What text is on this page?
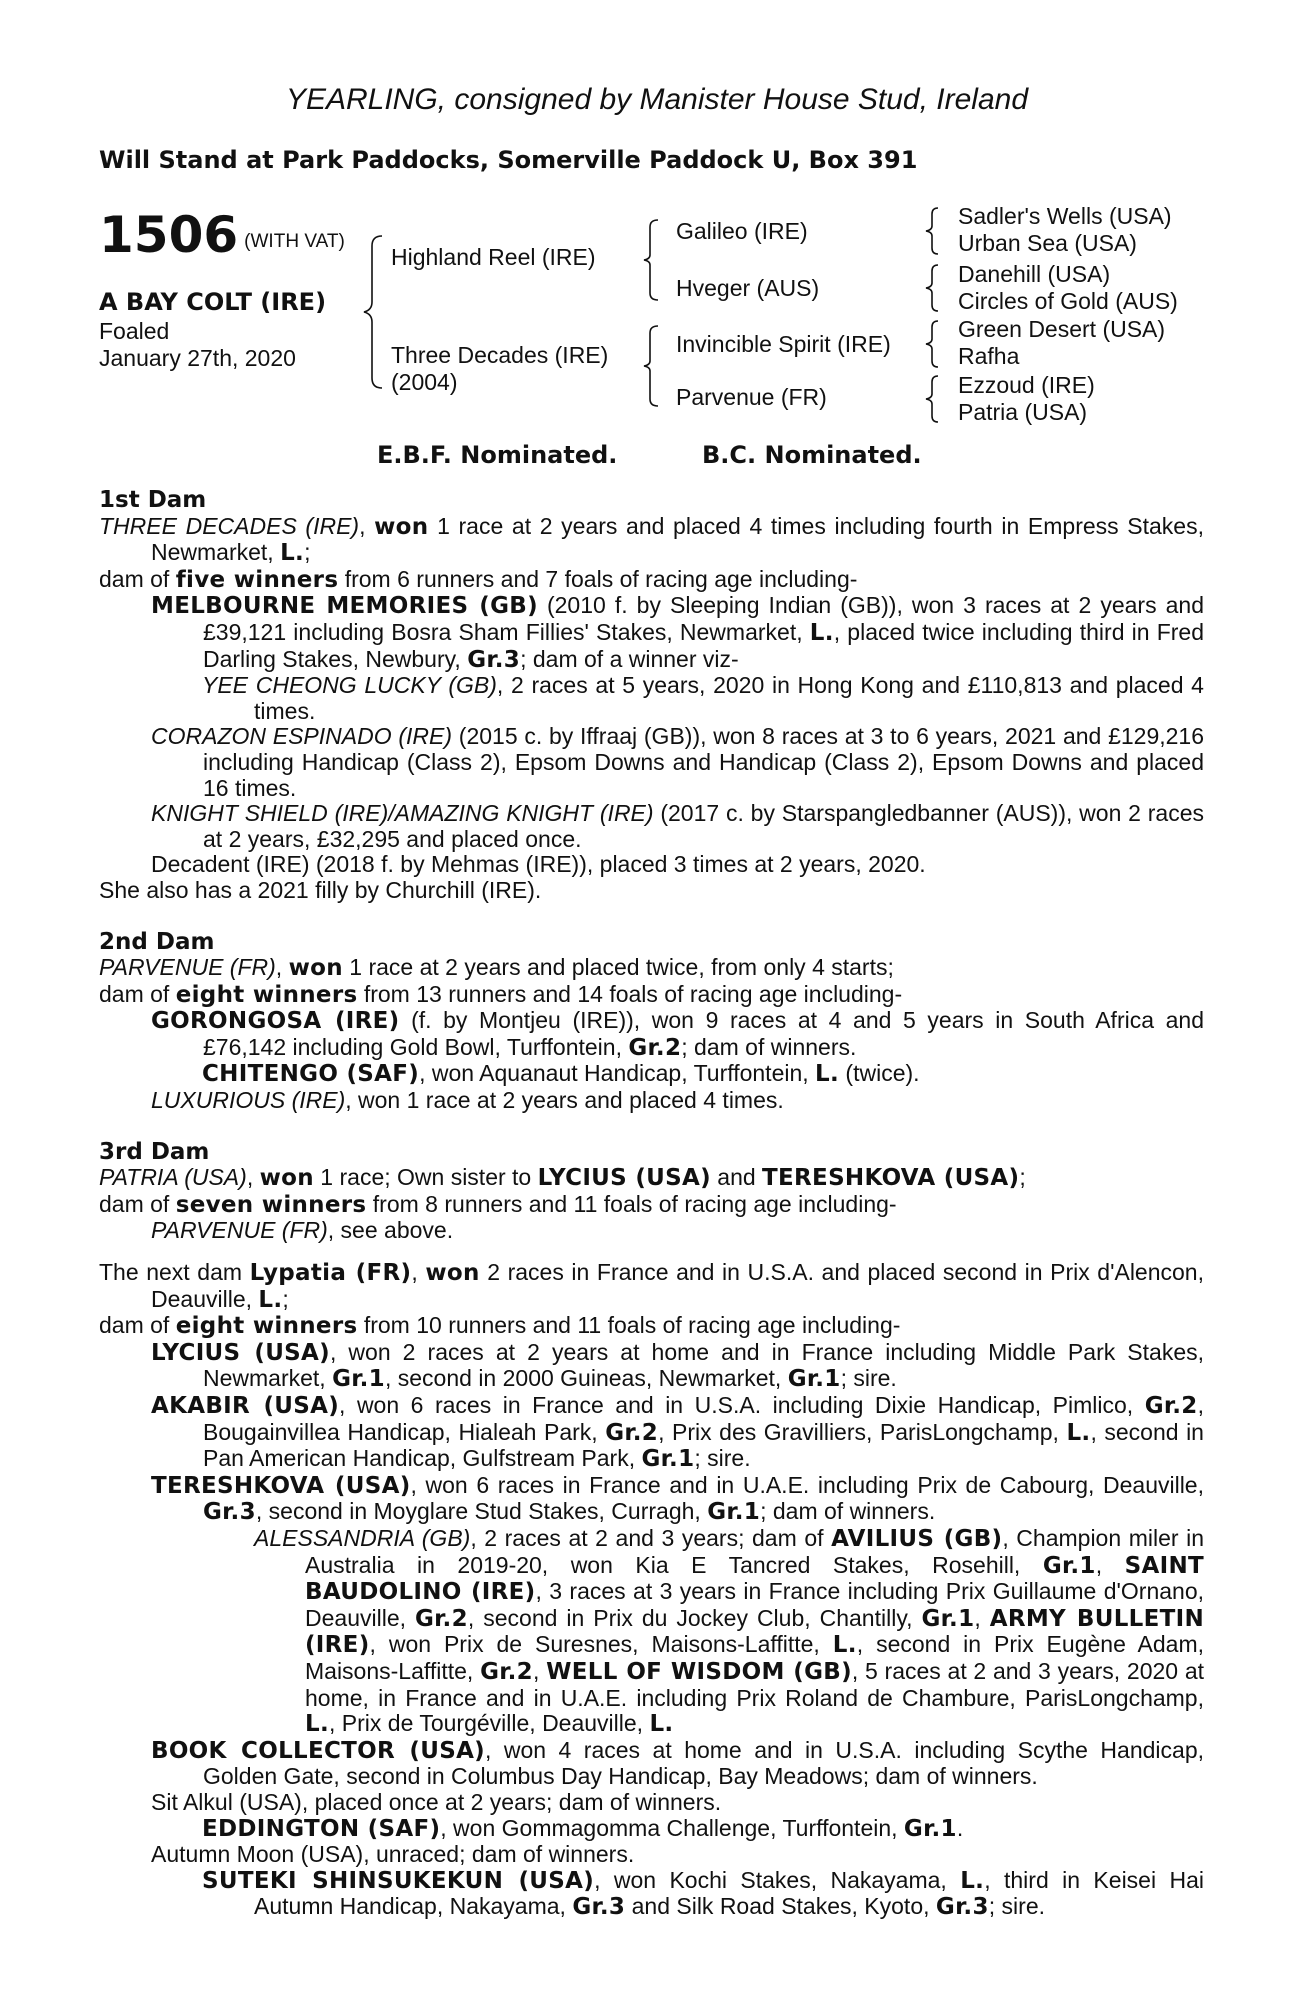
YEARLING, consigned by Manister House Stud, Ireland
Will Stand at Park Paddocks, Somerville Paddock U, Box 391
1506 (WITH VAT)
A BAY COLT (IRE)
Foaled
January 27th, 2020
Highland Reel (IRE)
Three Decades (IRE)
(2004)
Galileo (IRE)
Hveger (AUS)
Invincible Spirit (IRE)
Parvenue (FR)
Sadler's Wells (USA)
Urban Sea (USA)
Danehill (USA)
Circles of Gold (AUS)
Green Desert (USA)
Rafha
Ezzoud (IRE)
Patria (USA)
E.B.F. Nominated.	B.C. Nominated.
1st Dam
THREE DECADES (IRE), won 1 race at 2 years and placed 4 times including fourth in Empress Stakes, Newmarket, L.;
dam of five winners from 6 runners and 7 foals of racing age including-
MELBOURNE MEMORIES (GB) (2010 f. by Sleeping Indian (GB)), won 3 races at 2 years and £39,121 including Bosra Sham Fillies' Stakes, Newmarket, L., placed twice including third in Fred Darling Stakes, Newbury, Gr.3; dam of a winner viz-
YEE CHEONG LUCKY (GB), 2 races at 5 years, 2020 in Hong Kong and £110,813 and placed 4 times.
CORAZON ESPINADO (IRE) (2015 c. by Iffraaj (GB)), won 8 races at 3 to 6 years, 2021 and £129,216 including Handicap (Class 2), Epsom Downs and Handicap (Class 2), Epsom Downs and placed 16 times.
KNIGHT SHIELD (IRE)/AMAZING KNIGHT (IRE) (2017 c. by Starspangledbanner (AUS)), won 2 races at 2 years, £32,295 and placed once.
Decadent (IRE) (2018 f. by Mehmas (IRE)), placed 3 times at 2 years, 2020.
She also has a 2021 filly by Churchill (IRE).
2nd Dam
PARVENUE (FR), won 1 race at 2 years and placed twice, from only 4 starts;
dam of eight winners from 13 runners and 14 foals of racing age including-
GORONGOSA (IRE) (f. by Montjeu (IRE)), won 9 races at 4 and 5 years in South Africa and £76,142 including Gold Bowl, Turffontein, Gr.2; dam of winners.
CHITENGO (SAF), won Aquanaut Handicap, Turffontein, L. (twice).
LUXURIOUS (IRE), won 1 race at 2 years and placed 4 times.
3rd Dam
PATRIA (USA), won 1 race; Own sister to LYCIUS (USA) and TERESHKOVA (USA);
dam of seven winners from 8 runners and 11 foals of racing age including-
PARVENUE (FR), see above.
The next dam Lypatia (FR), won 2 races in France and in U.S.A. and placed second in Prix d'Alencon, Deauville, L.;
dam of eight winners from 10 runners and 11 foals of racing age including-
LYCIUS (USA), won 2 races at 2 years at home and in France including Middle Park Stakes, Newmarket, Gr.1, second in 2000 Guineas, Newmarket, Gr.1; sire.
AKABIR (USA), won 6 races in France and in U.S.A. including Dixie Handicap, Pimlico, Gr.2, Bougainvillea Handicap, Hialeah Park, Gr.2, Prix des Gravilliers, ParisLongchamp, L., second in Pan American Handicap, Gulfstream Park, Gr.1; sire.
TERESHKOVA (USA), won 6 races in France and in U.A.E. including Prix de Cabourg, Deauville, Gr.3, second in Moyglare Stud Stakes, Curragh, Gr.1; dam of winners.
ALESSANDRIA (GB), 2 races at 2 and 3 years; dam of AVILIUS (GB), Champion miler in Australia in 2019-20, won Kia E Tancred Stakes, Rosehill, Gr.1, SAINT BAUDOLINO (IRE), 3 races at 3 years in France including Prix Guillaume d'Ornano, Deauville, Gr.2, second in Prix du Jockey Club, Chantilly, Gr.1, ARMY BULLETIN (IRE), won Prix de Suresnes, Maisons-Laffitte, L., second in Prix Eugène Adam, Maisons-Laffitte, Gr.2, WELL OF WISDOM (GB), 5 races at 2 and 3 years, 2020 at home, in France and in U.A.E. including Prix Roland de Chambure, ParisLongchamp, L., Prix de Tourgéville, Deauville, L.
BOOK COLLECTOR (USA), won 4 races at home and in U.S.A. including Scythe Handicap, Golden Gate, second in Columbus Day Handicap, Bay Meadows; dam of winners.
Sit Alkul (USA), placed once at 2 years; dam of winners.
EDDINGTON (SAF), won Gommagomma Challenge, Turffontein, Gr.1.
Autumn Moon (USA), unraced; dam of winners.
SUTEKI SHINSUKEKUN (USA), won Kochi Stakes, Nakayama, L., third in Keisei Hai Autumn Handicap, Nakayama, Gr.3 and Silk Road Stakes, Kyoto, Gr.3; sire.
